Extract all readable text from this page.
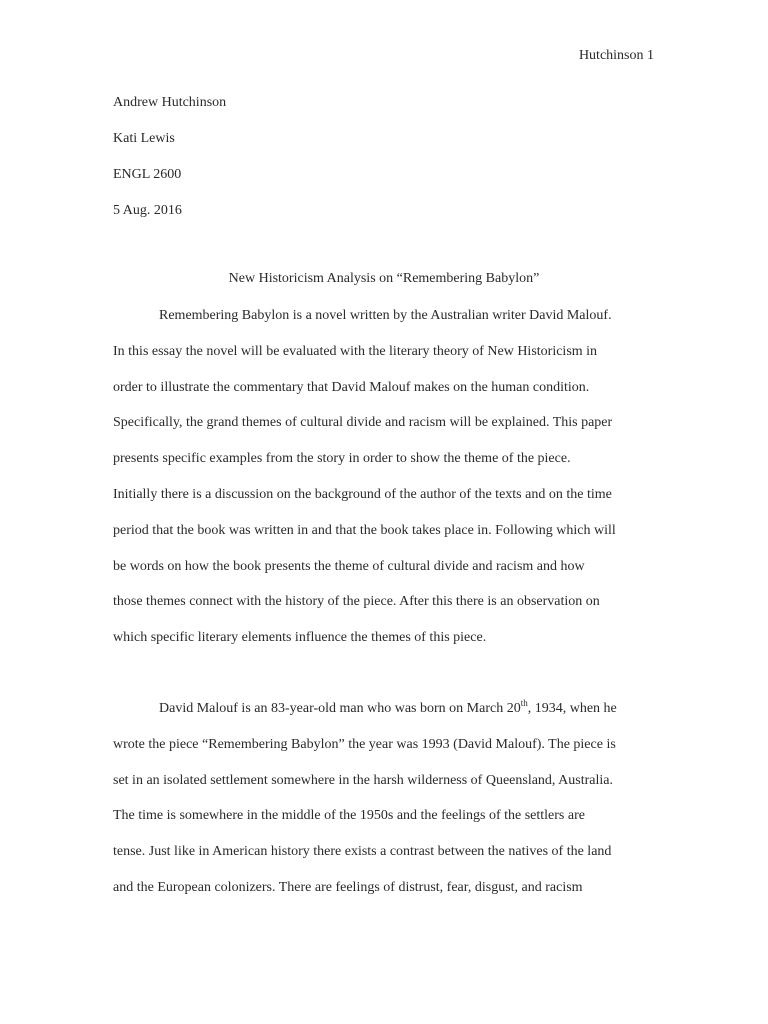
Hutchinson 1
Andrew Hutchinson
Kati Lewis
ENGL 2600
5 Aug. 2016
New Historicism Analysis on “Remembering Babylon”
Remembering Babylon is a novel written by the Australian writer David Malouf.
In this essay the novel will be evaluated with the literary theory of New Historicism in
order to illustrate the commentary that David Malouf makes on the human condition.
Specifically, the grand themes of cultural divide and racism will be explained. This paper
presents specific examples from the story in order to show the theme of the piece.
Initially there is a discussion on the background of the author of the texts and on the time
period that the book was written in and that the book takes place in. Following which will
be words on how the book presents the theme of cultural divide and racism and how
those themes connect with the history of the piece. After this there is an observation on
which specific literary elements influence the themes of this piece.
David Malouf is an 83-year-old man who was born on March 20th, 1934, when he
wrote the piece “Remembering Babylon” the year was 1993 (David Malouf). The piece is
set in an isolated settlement somewhere in the harsh wilderness of Queensland, Australia.
The time is somewhere in the middle of the 1950s and the feelings of the settlers are
tense. Just like in American history there exists a contrast between the natives of the land
and the European colonizers. There are feelings of distrust, fear, disgust, and racism
